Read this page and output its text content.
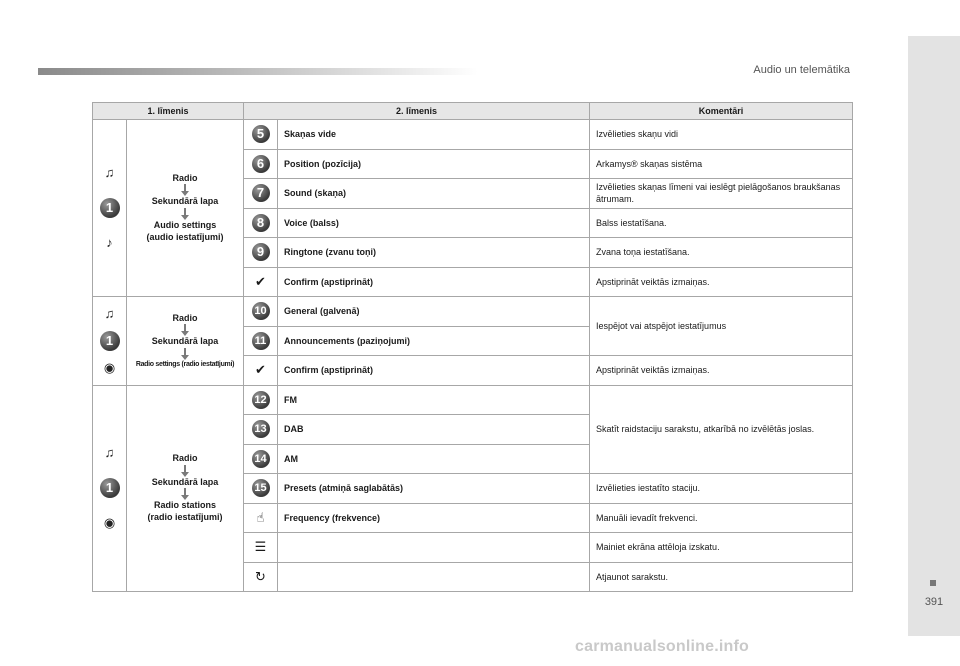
Audio un telemātika
391
carmanualsonline.info
1. līmenis		2. līmenis		Komentāri

♫
1
♪	Radio
Sekundārā lapa
Audio settings
(audio iestatījumi)	5	Skaņas vide	Izvēlieties skaņu vidi
		6	Position (pozīcija)	Arkamys® skaņas sistēma
		7	Sound (skaņa)	Izvēlieties skaņas līmeni vai ieslēgt pielāgošanos braukšanas ātrumam.
		8	Voice (balss)	Balss iestatīšana.
		9	Ringtone (zvanu toņi)	Zvana toņa iestatīšana.
		✔	Confirm (apstiprināt)	Apstiprināt veiktās izmaiņas.

♫
1
◉	Radio
Sekundārā lapa
Radio settings (radio iestatījumi)	10	General (galvenā)	Iespējot vai atspējot iestatījumus
		11	Announcements (paziņojumi)	
		✔	Confirm (apstiprināt)	Apstiprināt veiktās izmaiņas.

♫
1
◉	Radio
Sekundārā lapa
Radio stations
(radio iestatījumi)	12	FM	Skatīt raidstaciju sarakstu, atkarībā no izvēlētās joslas.
		13	DAB	
		14	AM	
		15	Presets (atmiņā saglabātās)	Izvēlieties iestatīto staciju.
		☝	Frequency (frekvence)	Manuāli ievadīt frekvenci.
		☰		Mainiet ekrāna attēloja izskatu.
		↻		Atjaunot sarakstu.
